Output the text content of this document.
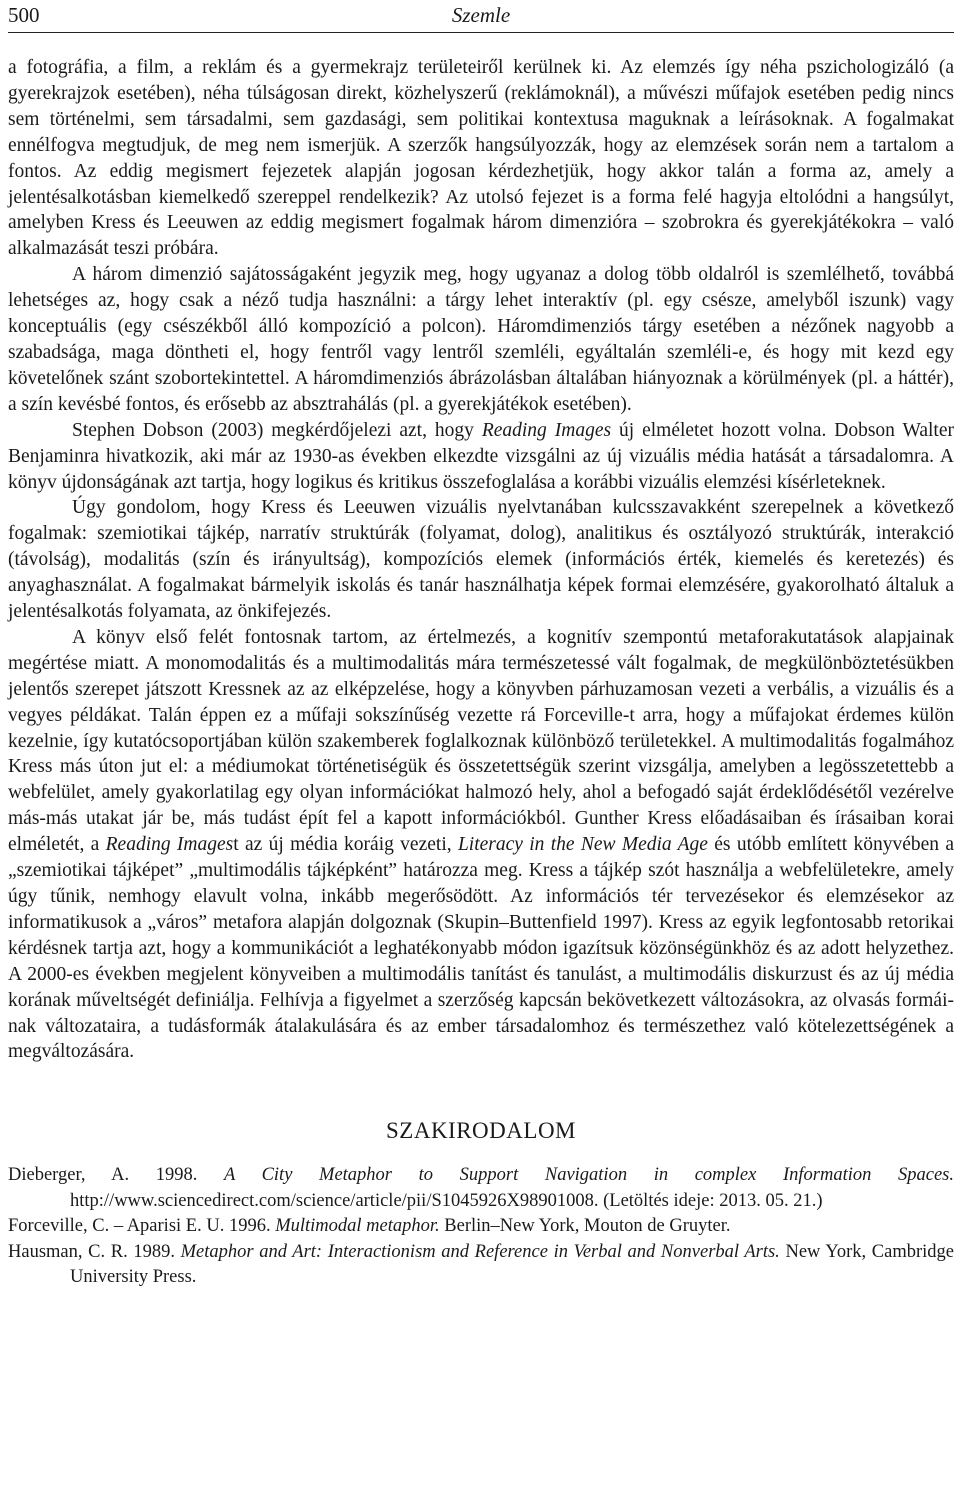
500	Szemle

a fotográfia, a film, a reklám és a gyermekrajz területeiről kerülnek ki. Az elemzés így néha pszichologizáló (a gyerekrajzok esetében), néha túlságosan direkt, közhelyszerű (reklámoknál), a művészi műfajok esetében pedig nincs sem történelmi, sem társadalmi, sem gazdasági, sem politikai kontextusa maguknak a leírásoknak. A fogalmakat ennélfogva megtudjuk, de meg nem ismerjük. A szerzők hangsúlyozzák, hogy az elemzések során nem a tartalom a fontos. Az eddig megismert fejezetek alapján jogosan kérdezhetjük, hogy akkor talán a forma az, amely a jelentésalkotásban kiemelkedő szereppel rendelkezik? Az utolsó fejezet is a forma felé hagyja eltolódni a hangsúlyt, amelyben Kress és Leeuwen az eddig megismert fogalmak három dimenzióra – szobrokra és gyerekjátékokra – való alkalmazását teszi próbára.

A három dimenzió sajátosságaként jegyzik meg, hogy ugyanaz a dolog több oldalról is szemlélhető, továbbá lehetséges az, hogy csak a néző tudja használni: a tárgy lehet interaktív (pl. egy csésze, amelyből iszunk) vagy konceptuális (egy csészékből álló kompozíció a polcon). Háromdimenziós tárgy esetében a nézőnek nagyobb a szabadsága, maga döntheti el, hogy fentről vagy lentről szemléli, egyáltalán szemléli-e, és hogy mit kezd egy követelőnek szánt szobortekintettel. A háromdimenziós ábrázolásban általában hiányoznak a körülmények (pl. a háttér), a szín kevésbé fontos, és erősebb az absztrahálás (pl. a gyerekjátékok esetében).

Stephen Dobson (2003) megkérdőjelezi azt, hogy Reading Images új elméletet hozott volna. Dobson Walter Benjaminra hivatkozik, aki már az 1930-as években elkezdte vizsgálni az új vizuális média hatását a társadalomra. A könyv újdonságának azt tartja, hogy logikus és kritikus összefoglalása a korábbi vizuális elemzési kísérleteknek.

Úgy gondolom, hogy Kress és Leeuwen vizuális nyelvtanában kulcsszavakként szerepelnek a következő fogalmak: szemiotikai tájkép, narratív struktúrák (folyamat, dolog), analitikus és osztályozó struktúrák, interakció (távolság), modalitás (szín és irányultság), kompozíciós elemek (információs érték, kiemelés és keretezés) és anyaghasználat. A fogalmakat bármelyik iskolás és tanár használhatja képek formai elemzésére, gyakorolható általuk a jelentésalkotás folyamata, az önkifejezés.

A könyv első felét fontosnak tartom, az értelmezés, a kognitív szempontú metaforakutatások alapjainak megértése miatt. A monomodalitás és a multimodalitás mára természetessé vált fogalmak, de megkülönböztetésükben jelentős szerepet játszott Kressnek az az elképzelése, hogy a könyvben párhuzamosan vezeti a verbális, a vizuális és a vegyes példákat. Talán éppen ez a műfaji sokszínűség vezette rá Forceville-t arra, hogy a műfajokat érdemes külön kezelnie, így kutatócsoportjában külön szakemberek foglalkoznak különböző területekkel. A multimodalitás fogalmához Kress más úton jut el: a médiumokat történetiségük és összetettségük szerint vizsgálja, amelyben a legösszetettebb a webfelület, amely gyakorlatilag egy olyan információkat halmozó hely, ahol a befogadó saját érdeklődésétől vezérelve más-más utakat jár be, más tudást épít fel a kapott információkból. Gunther Kress előadásaiban és írásaiban korai elméletét, a Reading Imagest az új média koráig vezeti, Literacy in the New Media Age és utóbb említett könyvében a „szemiotikai tájképet” „multimodális tájképként” határozza meg. Kress a tájkép szót használja a webfelületekre, amely úgy tűnik, nemhogy elavult volna, inkább megerősödött. Az információs tér tervezésekor és elemzésekor az informatikusok a „város” metafora alapján dolgoznak (Skupin–Buttenfield 1997). Kress az egyik legfontosabb retorikai kérdésnek tartja azt, hogy a kommunikációt a leghatékonyabb módon igazítsuk közönségünkhöz és az adott helyzethez. A 2000-es években megjelent könyveiben a multimodális tanítást és tanulást, a multimodális diskurzust és az új média korának műveltségét definiálja. Felhívja a figyelmet a szerzőség kapcsán bekövetkezett változásokra, az olvasás formáinak változataira, a tudásformák átalakulására és az ember társadalomhoz és természethez való kötelezettségének a megváltozására.

SZAKIRODALOM
Dieberger, A. 1998. A City Metaphor to Support Navigation in complex Information Spaces. http://www.sciencedirect.com/science/article/pii/S1045926X98901008. (Letöltés ideje: 2013. 05. 21.)
Forceville, C. – Aparisi E. U. 1996. Multimodal metaphor. Berlin–New York, Mouton de Gruyter.
Hausman, C. R. 1989. Metaphor and Art: Interactionism and Reference in Verbal and Nonverbal Arts. New York, Cambridge University Press.
